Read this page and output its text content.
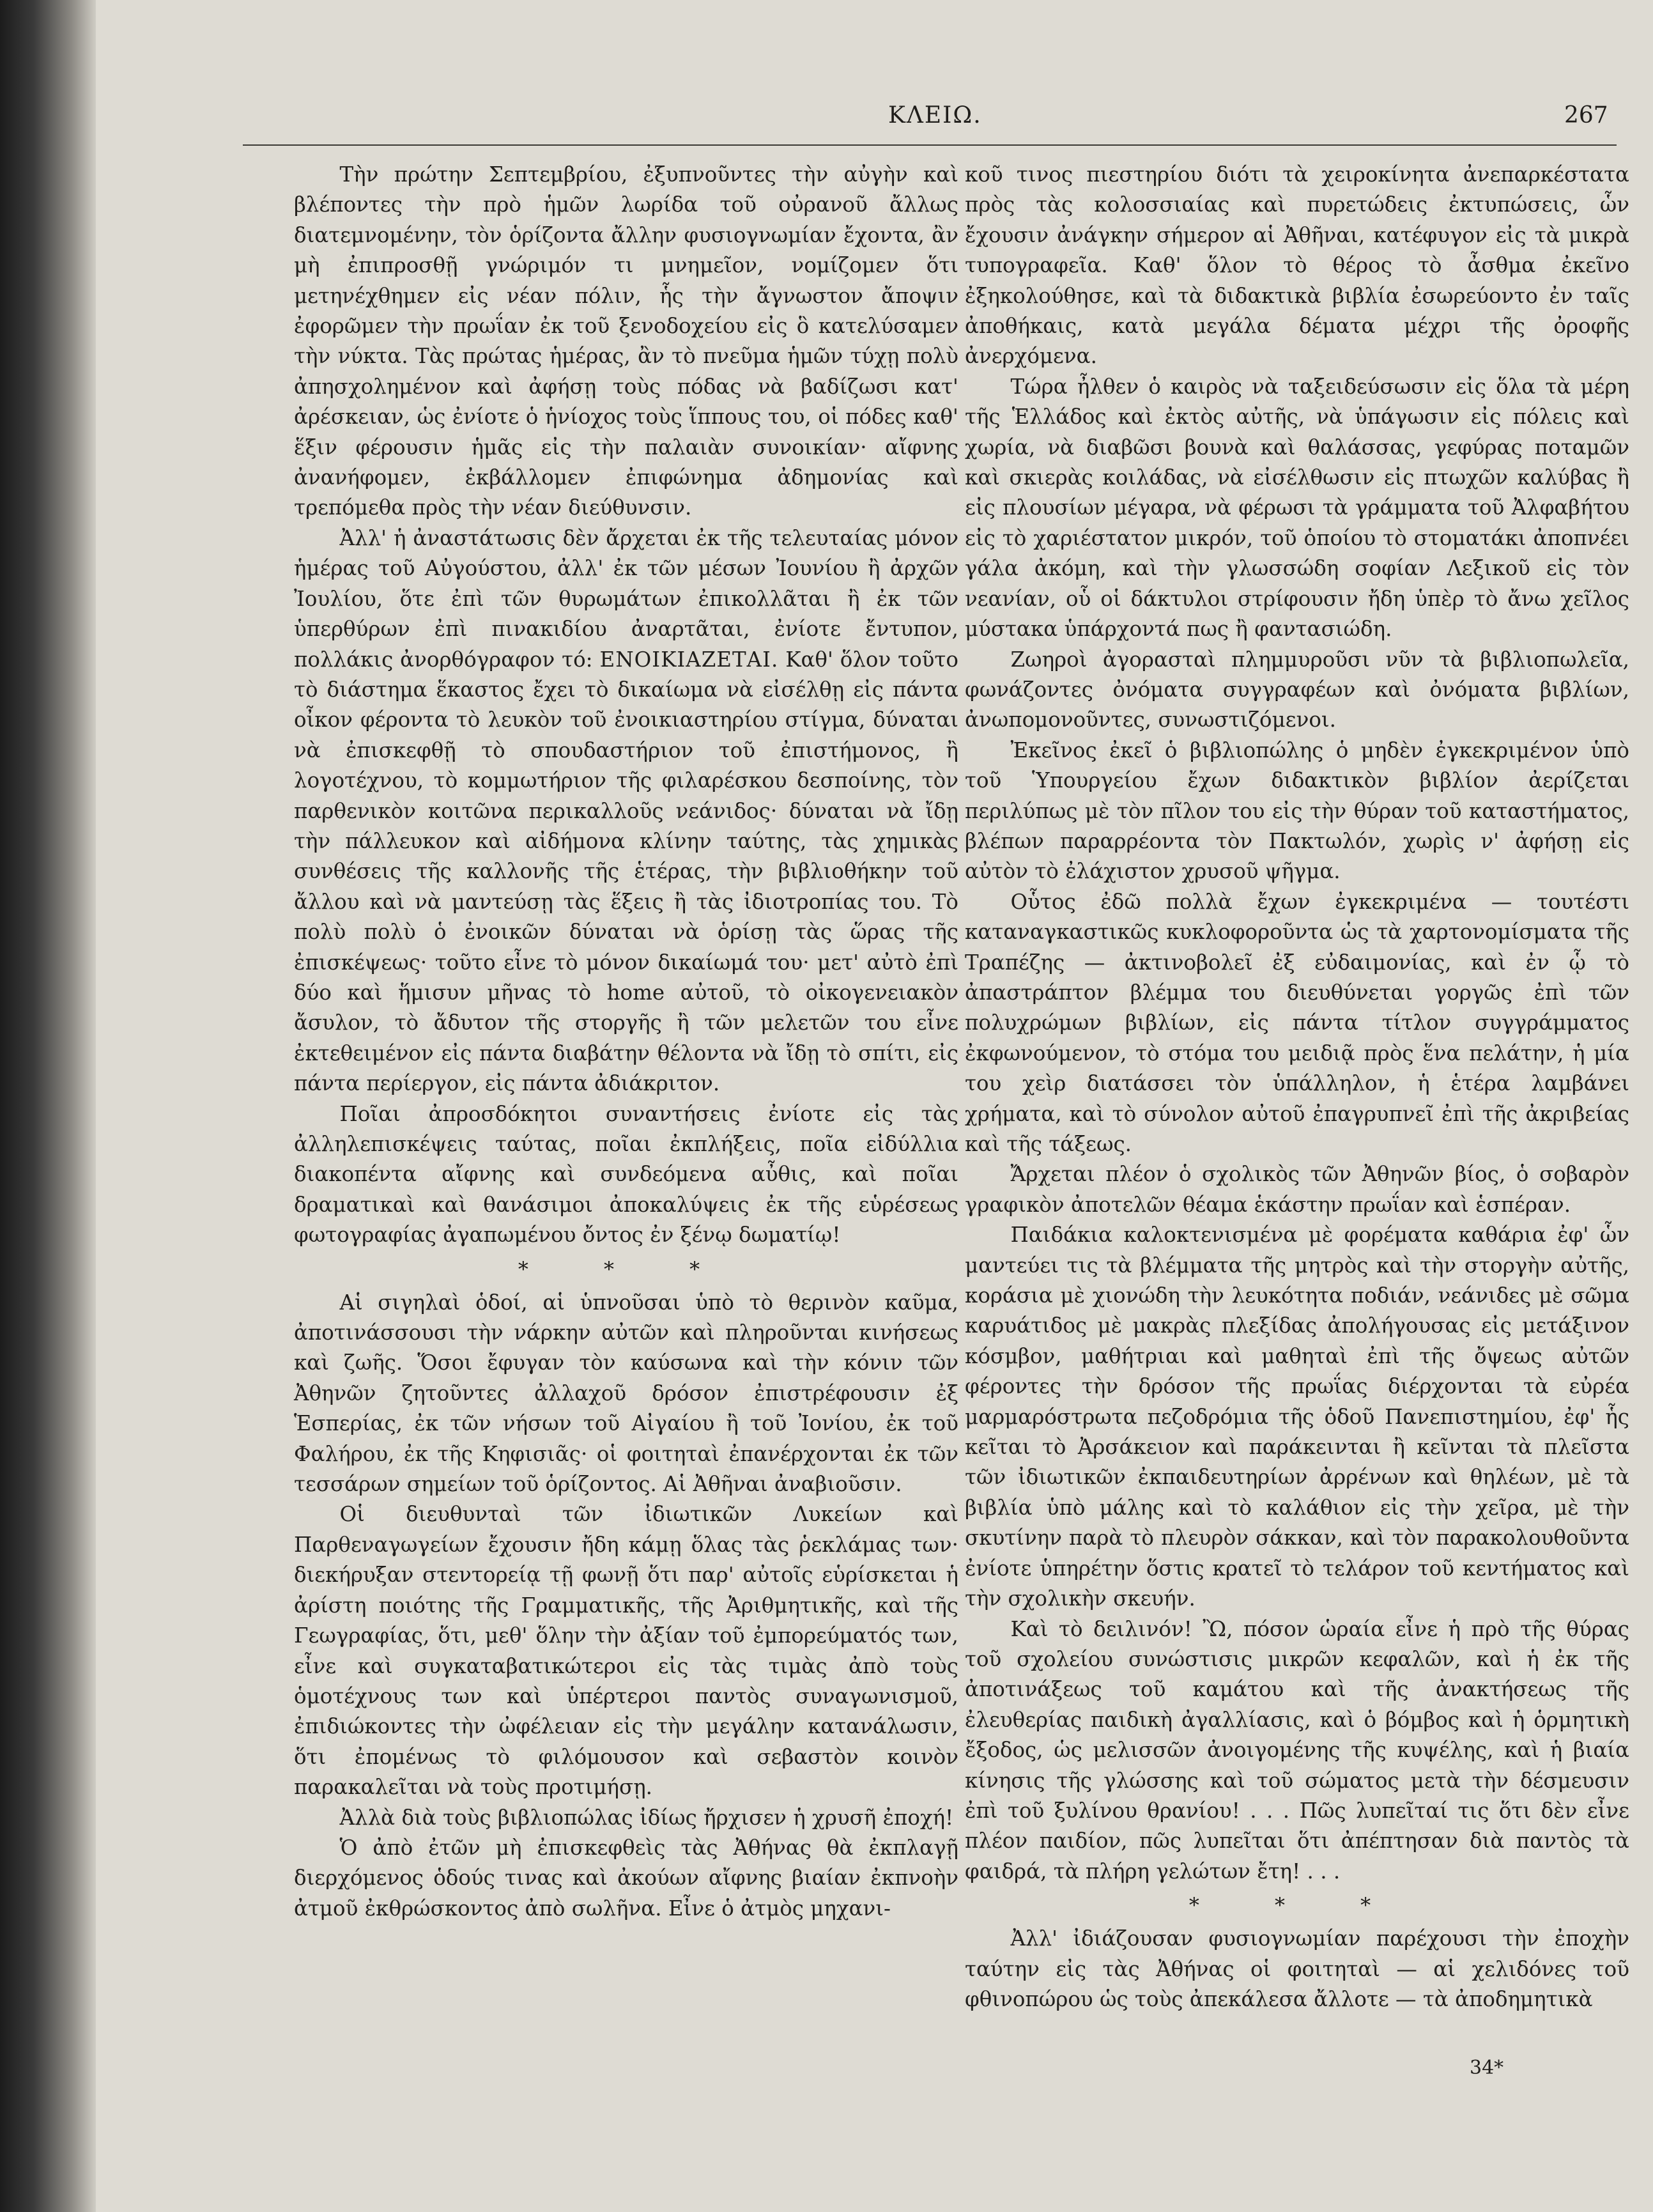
ΚΛΕΙΩ.	267

Τὴν πρώτην Σεπτεμβρίου, ἐξυπνοῦντες τὴν αὐγὴν καὶ βλέποντες τὴν πρὸ ἡμῶν λωρίδα τοῦ οὐρανοῦ ἄλλως διατεμνομένην, τὸν ὁρίζοντα ἄλλην φυσιογνωμίαν ἔχοντα, ἂν μὴ ἐπιπροσθῇ γνώριμόν τι μνημεῖον, νομίζομεν ὅτι μετηνέχθημεν εἰς νέαν πόλιν, ἧς τὴν ἄγνωστον ἄποψιν ἐφορῶμεν τὴν πρωΐαν ἐκ τοῦ ξενοδοχείου εἰς ὃ κατελύσαμεν τὴν νύκτα. Τὰς πρώτας ἡμέρας, ἂν τὸ πνεῦμα ἡμῶν τύχῃ πολὺ ἀπησχολημένον καὶ ἀφήσῃ τοὺς πόδας νὰ βαδίζωσι κατ' ἀρέσκειαν, ὡς ἐνίοτε ὁ ἡνίοχος τοὺς ἵππους του, οἱ πόδες καθ' ἕξιν φέρουσιν ἡμᾶς εἰς τὴν παλαιὰν συνοικίαν· αἴφνης ἀνανήφομεν, ἐκβάλλομεν ἐπιφώνημα ἀδημονίας καὶ τρεπόμεθα πρὸς τὴν νέαν διεύθυνσιν.

Ἀλλ' ἡ ἀναστάτωσις δὲν ἄρχεται ἐκ τῆς τελευταίας μόνον ἡμέρας τοῦ Αὐγούστου, ἀλλ' ἐκ τῶν μέσων Ἰουνίου ἢ ἀρχῶν Ἰουλίου, ὅτε ἐπὶ τῶν θυρωμάτων ἐπικολλᾶται ἢ ἐκ τῶν ὑπερθύρων ἐπὶ πινακιδίου ἀναρτᾶται, ἐνίοτε ἔντυπον, πολλάκις ἀνορθόγραφον τό: ΕΝΟΙΚΙΑΖΕΤΑΙ. Καθ' ὅλον τοῦτο τὸ διάστημα ἕκαστος ἔχει τὸ δικαίωμα νὰ εἰσέλθῃ εἰς πάντα οἶκον φέροντα τὸ λευκὸν τοῦ ἐνοικιαστηρίου στίγμα, δύναται νὰ ἐπισκεφθῇ τὸ σπουδαστήριον τοῦ ἐπιστήμονος, ἢ λογοτέχνου, τὸ κομμωτήριον τῆς φιλαρέσκου δεσποίνης, τὸν παρθενικὸν κοιτῶνα περικαλλοῦς νεάνιδος· δύναται νὰ ἴδῃ τὴν πάλλευκον καὶ αἰδήμονα κλίνην ταύτης, τὰς χημικὰς συνθέσεις τῆς καλλονῆς τῆς ἑτέρας, τὴν βιβλιοθήκην τοῦ ἄλλου καὶ νὰ μαντεύσῃ τὰς ἕξεις ἢ τὰς ἰδιοτροπίας του. Τὸ πολὺ πολὺ ὁ ἐνοικῶν δύναται νὰ ὁρίσῃ τὰς ὥρας τῆς ἐπισκέψεως· τοῦτο εἶνε τὸ μόνον δικαίωμά του· μετ' αὐτὸ ἐπὶ δύο καὶ ἥμισυν μῆνας τὸ home αὐτοῦ, τὸ οἰκογενειακὸν ἄσυλον, τὸ ἄδυτον τῆς στοργῆς ἢ τῶν μελετῶν του εἶνε ἐκτεθειμένον εἰς πάντα διαβάτην θέλοντα νὰ ἴδῃ τὸ σπίτι, εἰς πάντα περίεργον, εἰς πάντα ἀδιάκριτον.

Ποῖαι ἀπροσδόκητοι συναντήσεις ἐνίοτε εἰς τὰς ἀλληλεπισκέψεις ταύτας, ποῖαι ἐκπλήξεις, ποῖα εἰδύλλια διακοπέντα αἴφνης καὶ συνδεόμενα αὖθις, καὶ ποῖαι δραματικαὶ καὶ θανάσιμοι ἀποκαλύψεις ἐκ τῆς εὑρέσεως φωτογραφίας ἀγαπωμένου ὄντος ἐν ξένῳ δωματίῳ!

* * *

Αἱ σιγηλαὶ ὁδοί, αἱ ὑπνοῦσαι ὑπὸ τὸ θερινὸν καῦμα, ἀποτινάσσουσι τὴν νάρκην αὐτῶν καὶ πληροῦνται κινήσεως καὶ ζωῆς. Ὅσοι ἔφυγαν τὸν καύσωνα καὶ τὴν κόνιν τῶν Ἀθηνῶν ζητοῦντες ἀλλαχοῦ δρόσον ἐπιστρέφουσιν ἐξ Ἑσπερίας, ἐκ τῶν νήσων τοῦ Αἰγαίου ἢ τοῦ Ἰονίου, ἐκ τοῦ Φαλήρου, ἐκ τῆς Κηφισιᾶς· οἱ φοιτηταὶ ἐπανέρχονται ἐκ τῶν τεσσάρων σημείων τοῦ ὁρίζοντος. Αἱ Ἀθῆναι ἀναβιοῦσιν.

Οἱ διευθυνταὶ τῶν ἰδιωτικῶν Λυκείων καὶ Παρθεναγωγείων ἔχουσιν ἤδη κάμῃ ὅλας τὰς ῥεκλάμας των· διεκήρυξαν στεντορείᾳ τῇ φωνῇ ὅτι παρ' αὐτοῖς εὑρίσκεται ἡ ἀρίστη ποιότης τῆς Γραμματικῆς, τῆς Ἀριθμητικῆς, καὶ τῆς Γεωγραφίας, ὅτι, μεθ' ὅλην τὴν ἀξίαν τοῦ ἐμπορεύματός των, εἶνε καὶ συγκαταβατικώτεροι εἰς τὰς τιμὰς ἀπὸ τοὺς ὁμοτέχνους των καὶ ὑπέρτεροι παντὸς συναγωνισμοῦ, ἐπιδιώκοντες τὴν ὠφέλειαν εἰς τὴν μεγάλην κατανάλωσιν, ὅτι ἐπομένως τὸ φιλόμουσον καὶ σεβαστὸν κοινὸν παρακαλεῖται νὰ τοὺς προτιμήσῃ.

Ἀλλὰ διὰ τοὺς βιβλιοπώλας ἰδίως ἤρχισεν ἡ χρυσῆ ἐποχή!

Ὁ ἀπὸ ἐτῶν μὴ ἐπισκεφθεὶς τὰς Ἀθήνας θὰ ἐκπλαγῇ διερχόμενος ὁδούς τινας καὶ ἀκούων αἴφνης βιαίαν ἐκπνοὴν ἀτμοῦ ἐκθρώσκοντος ἀπὸ σωλῆνα. Εἶνε ὁ ἀτμὸς μηχανι-

κοῦ τινος πιεστηρίου διότι τὰ χειροκίνητα ἀνεπαρκέστατα πρὸς τὰς κολοσσιαίας καὶ πυρετώδεις ἐκτυπώσεις, ὧν ἔχουσιν ἀνάγκην σήμερον αἱ Ἀθῆναι, κατέφυγον εἰς τὰ μικρὰ τυπογραφεῖα. Καθ' ὅλον τὸ θέρος τὸ ἆσθμα ἐκεῖνο ἐξηκολούθησε, καὶ τὰ διδακτικὰ βιβλία ἐσωρεύοντο ἐν ταῖς ἀποθήκαις, κατὰ μεγάλα δέματα μέχρι τῆς ὀροφῆς ἀνερχόμενα.

Τώρα ἦλθεν ὁ καιρὸς νὰ ταξειδεύσωσιν εἰς ὅλα τὰ μέρη τῆς Ἑλλάδος καὶ ἐκτὸς αὐτῆς, νὰ ὑπάγωσιν εἰς πόλεις καὶ χωρία, νὰ διαβῶσι βουνὰ καὶ θαλάσσας, γεφύρας ποταμῶν καὶ σκιερὰς κοιλάδας, νὰ εἰσέλθωσιν εἰς πτωχῶν καλύβας ἢ εἰς πλουσίων μέγαρα, νὰ φέρωσι τὰ γράμματα τοῦ Ἀλφαβήτου εἰς τὸ χαριέστατον μικρόν, τοῦ ὁποίου τὸ στοματάκι ἀποπνέει γάλα ἀκόμη, καὶ τὴν γλωσσώδη σοφίαν Λεξικοῦ εἰς τὸν νεανίαν, οὗ οἱ δάκτυλοι στρίφουσιν ἤδη ὑπὲρ τὸ ἄνω χεῖλος μύστακα ὑπάρχοντά πως ἢ φαντασιώδη.

Ζωηροὶ ἀγορασταὶ πλημμυροῦσι νῦν τὰ βιβλιοπωλεῖα, φωνάζοντες ὀνόματα συγγραφέων καὶ ὀνόματα βιβλίων, ἀνωπομονοῦντες, συνωστιζόμενοι.

Ἐκεῖνος ἐκεῖ ὁ βιβλιοπώλης ὁ μηδὲν ἐγκεκριμένον ὑπὸ τοῦ Ὑπουργείου ἔχων διδακτικὸν βιβλίον ἀερίζεται περιλύπως μὲ τὸν πῖλον του εἰς τὴν θύραν τοῦ καταστήματος, βλέπων παραρρέοντα τὸν Πακτωλόν, χωρὶς ν' ἀφήσῃ εἰς αὐτὸν τὸ ἐλάχιστον χρυσοῦ ψῆγμα.

Οὗτος ἐδῶ πολλὰ ἔχων ἐγκεκριμένα — τουτέστι καταναγκαστικῶς κυκλοφοροῦντα ὡς τὰ χαρτονομίσματα τῆς Τραπέζης — ἀκτινοβολεῖ ἐξ εὐδαιμονίας, καὶ ἐν ᾧ τὸ ἀπαστράπτον βλέμμα του διευθύνεται γοργῶς ἐπὶ τῶν πολυχρώμων βιβλίων, εἰς πάντα τίτλον συγγράμματος ἐκφωνούμενον, τὸ στόμα του μειδιᾷ πρὸς ἕνα πελάτην, ἡ μία του χεὶρ διατάσσει τὸν ὑπάλληλον, ἡ ἑτέρα λαμβάνει χρήματα, καὶ τὸ σύνολον αὐτοῦ ἐπαγρυπνεῖ ἐπὶ τῆς ἀκριβείας καὶ τῆς τάξεως.

Ἄρχεται πλέον ὁ σχολικὸς τῶν Ἀθηνῶν βίος, ὁ σοβαρὸν γραφικὸν ἀποτελῶν θέαμα ἑκάστην πρωΐαν καὶ ἑσπέραν.

Παιδάκια καλοκτενισμένα μὲ φορέματα καθάρια ἐφ' ὧν μαντεύει τις τὰ βλέμματα τῆς μητρὸς καὶ τὴν στοργὴν αὐτῆς, κοράσια μὲ χιονώδη τὴν λευκότητα ποδιάν, νεάνιδες μὲ σῶμα καρυάτιδος μὲ μακρὰς πλεξίδας ἀπολήγουσας εἰς μετάξινον κόσμβον, μαθήτριαι καὶ μαθηταὶ ἐπὶ τῆς ὄψεως αὐτῶν φέροντες τὴν δρόσον τῆς πρωΐας διέρχονται τὰ εὐρέα μαρμαρόστρωτα πεζοδρόμια τῆς ὁδοῦ Πανεπιστημίου, ἐφ' ἧς κεῖται τὸ Ἀρσάκειον καὶ παράκεινται ἢ κεῖνται τὰ πλεῖστα τῶν ἰδιωτικῶν ἐκπαιδευτηρίων ἀρρένων καὶ θηλέων, μὲ τὰ βιβλία ὑπὸ μάλης καὶ τὸ καλάθιον εἰς τὴν χεῖρα, μὲ τὴν σκυτίνην παρὰ τὸ πλευρὸν σάκκαν, καὶ τὸν παρακολουθοῦντα ἐνίοτε ὑπηρέτην ὅστις κρατεῖ τὸ τελάρον τοῦ κεντήματος καὶ τὴν σχολικὴν σκευήν.

Καὶ τὸ δειλινόν! Ὢ, πόσον ὡραία εἶνε ἡ πρὸ τῆς θύρας τοῦ σχολείου συνώστισις μικρῶν κεφαλῶν, καὶ ἡ ἐκ τῆς ἀποτινάξεως τοῦ καμάτου καὶ τῆς ἀνακτήσεως τῆς ἐλευθερίας παιδικὴ ἀγαλλίασις, καὶ ὁ βόμβος καὶ ἡ ὁρμητικὴ ἔξοδος, ὡς μελισσῶν ἀνοιγομένης τῆς κυψέλης, καὶ ἡ βιαία κίνησις τῆς γλώσσης καὶ τοῦ σώματος μετὰ τὴν δέσμευσιν ἐπὶ τοῦ ξυλίνου θρανίου! . . . Πῶς λυπεῖταί τις ὅτι δὲν εἶνε πλέον παιδίον, πῶς λυπεῖται ὅτι ἀπέπτησαν διὰ παντὸς τὰ φαιδρά, τὰ πλήρη γελώτων ἔτη! . . .

* * *

Ἀλλ' ἰδιάζουσαν φυσιογνωμίαν παρέχουσι τὴν ἐποχὴν ταύτην εἰς τὰς Ἀθήνας οἱ φοιτηταὶ — αἱ χελιδόνες τοῦ φθινοπώρου ὡς τοὺς ἀπεκάλεσα ἄλλοτε — τὰ ἀποδημητικὰ

34*
